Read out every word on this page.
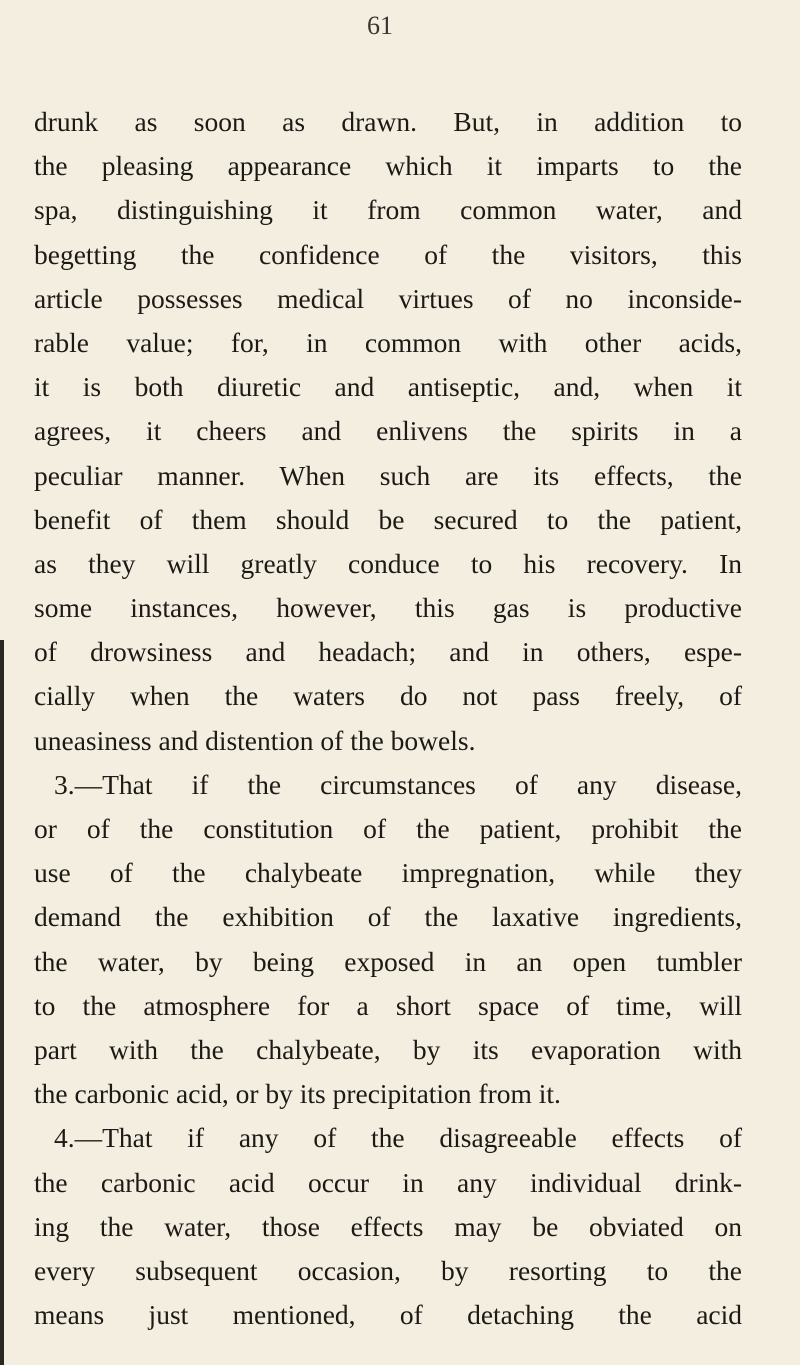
61
drunk as soon as drawn. But, in addition to
the pleasing appearance which it imparts to the
spa, distinguishing it from common water, and
begetting the confidence of the visitors, this
article possesses medical virtues of no inconside-
rable value; for, in common with other acids,
it is both diuretic and antiseptic, and, when it
agrees, it cheers and enlivens the spirits in a
peculiar manner. When such are its effects, the
benefit of them should be secured to the patient,
as they will greatly conduce to his recovery. In
some instances, however, this gas is productive
of drowsiness and headach; and in others, espe-
cially when the waters do not pass freely, of
uneasiness and distention of the bowels.
3.—That if the circumstances of any disease,
or of the constitution of the patient, prohibit the
use of the chalybeate impregnation, while they
demand the exhibition of the laxative ingredients,
the water, by being exposed in an open tumbler
to the atmosphere for a short space of time, will
part with the chalybeate, by its evaporation with
the carbonic acid, or by its precipitation from it.
4.—That if any of the disagreeable effects of
the carbonic acid occur in any individual drink-
ing the water, those effects may be obviated on
every subsequent occasion, by resorting to the
means just mentioned, of detaching the acid
